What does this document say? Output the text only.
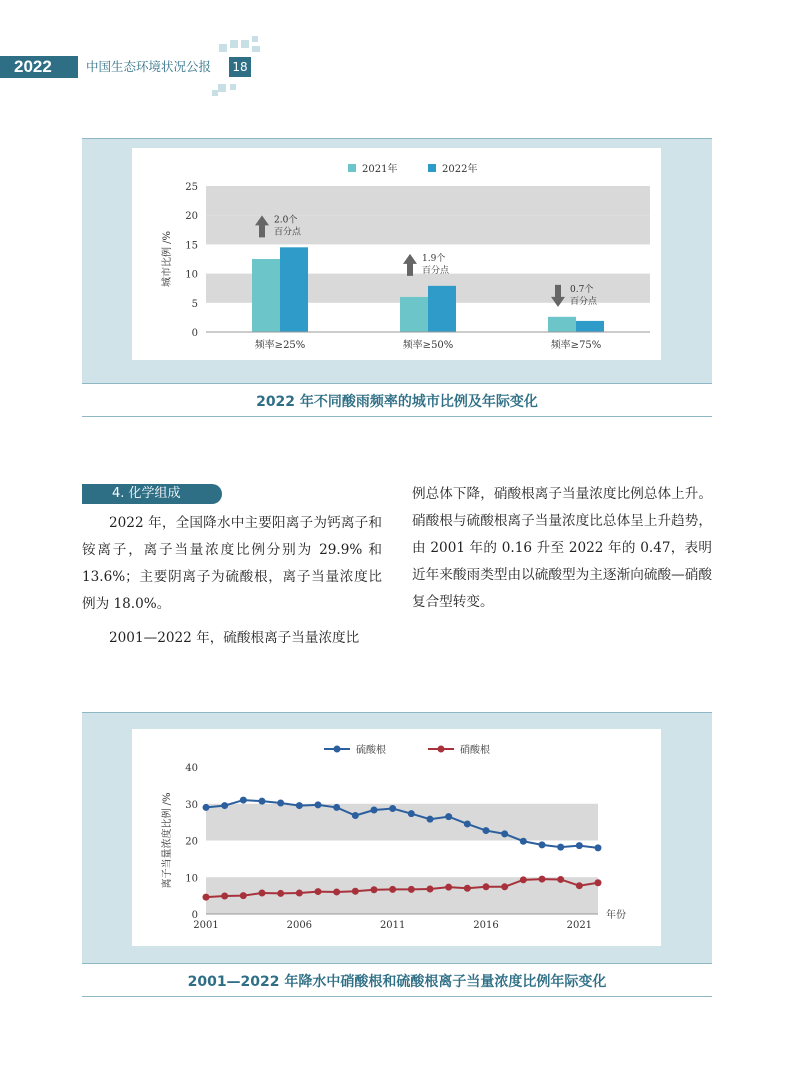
2022	中国生态环境状况公报 18
2021年	2022年
2.0个
百分点
1.9个
百分点
0.7个
百分点
0
5
10
15
20
25
城市比例 /%
频率≥25%	频率≥50%	频率≥75%
2022 年不同酸雨频率的城市比例及年际变化
4. 化学组成

2022 年，全国降水中主要阳离子为钙离子和铵离子，离子当量浓度比例分别为 29.9% 和 13.6%；主要阴离子为硫酸根，离子当量浓度比例为 18.0%。

2001—2022 年，硫酸根离子当量浓度比

例总体下降，硝酸根离子当量浓度比例总体上升。硝酸根与硫酸根离子当量浓度比总体呈上升趋势，由 2001 年的 0.16 升至 2022 年的 0.47，表明近年来酸雨类型由以硫酸型为主逐渐向硫酸—硝酸复合型转变。

硫酸根	硝酸根
0
10
20
30
40
2001	2006	2011	2016	2021
年份
离子当量浓度比例 /%
2001—2022 年降水中硝酸根和硫酸根离子当量浓度比例年际变化
